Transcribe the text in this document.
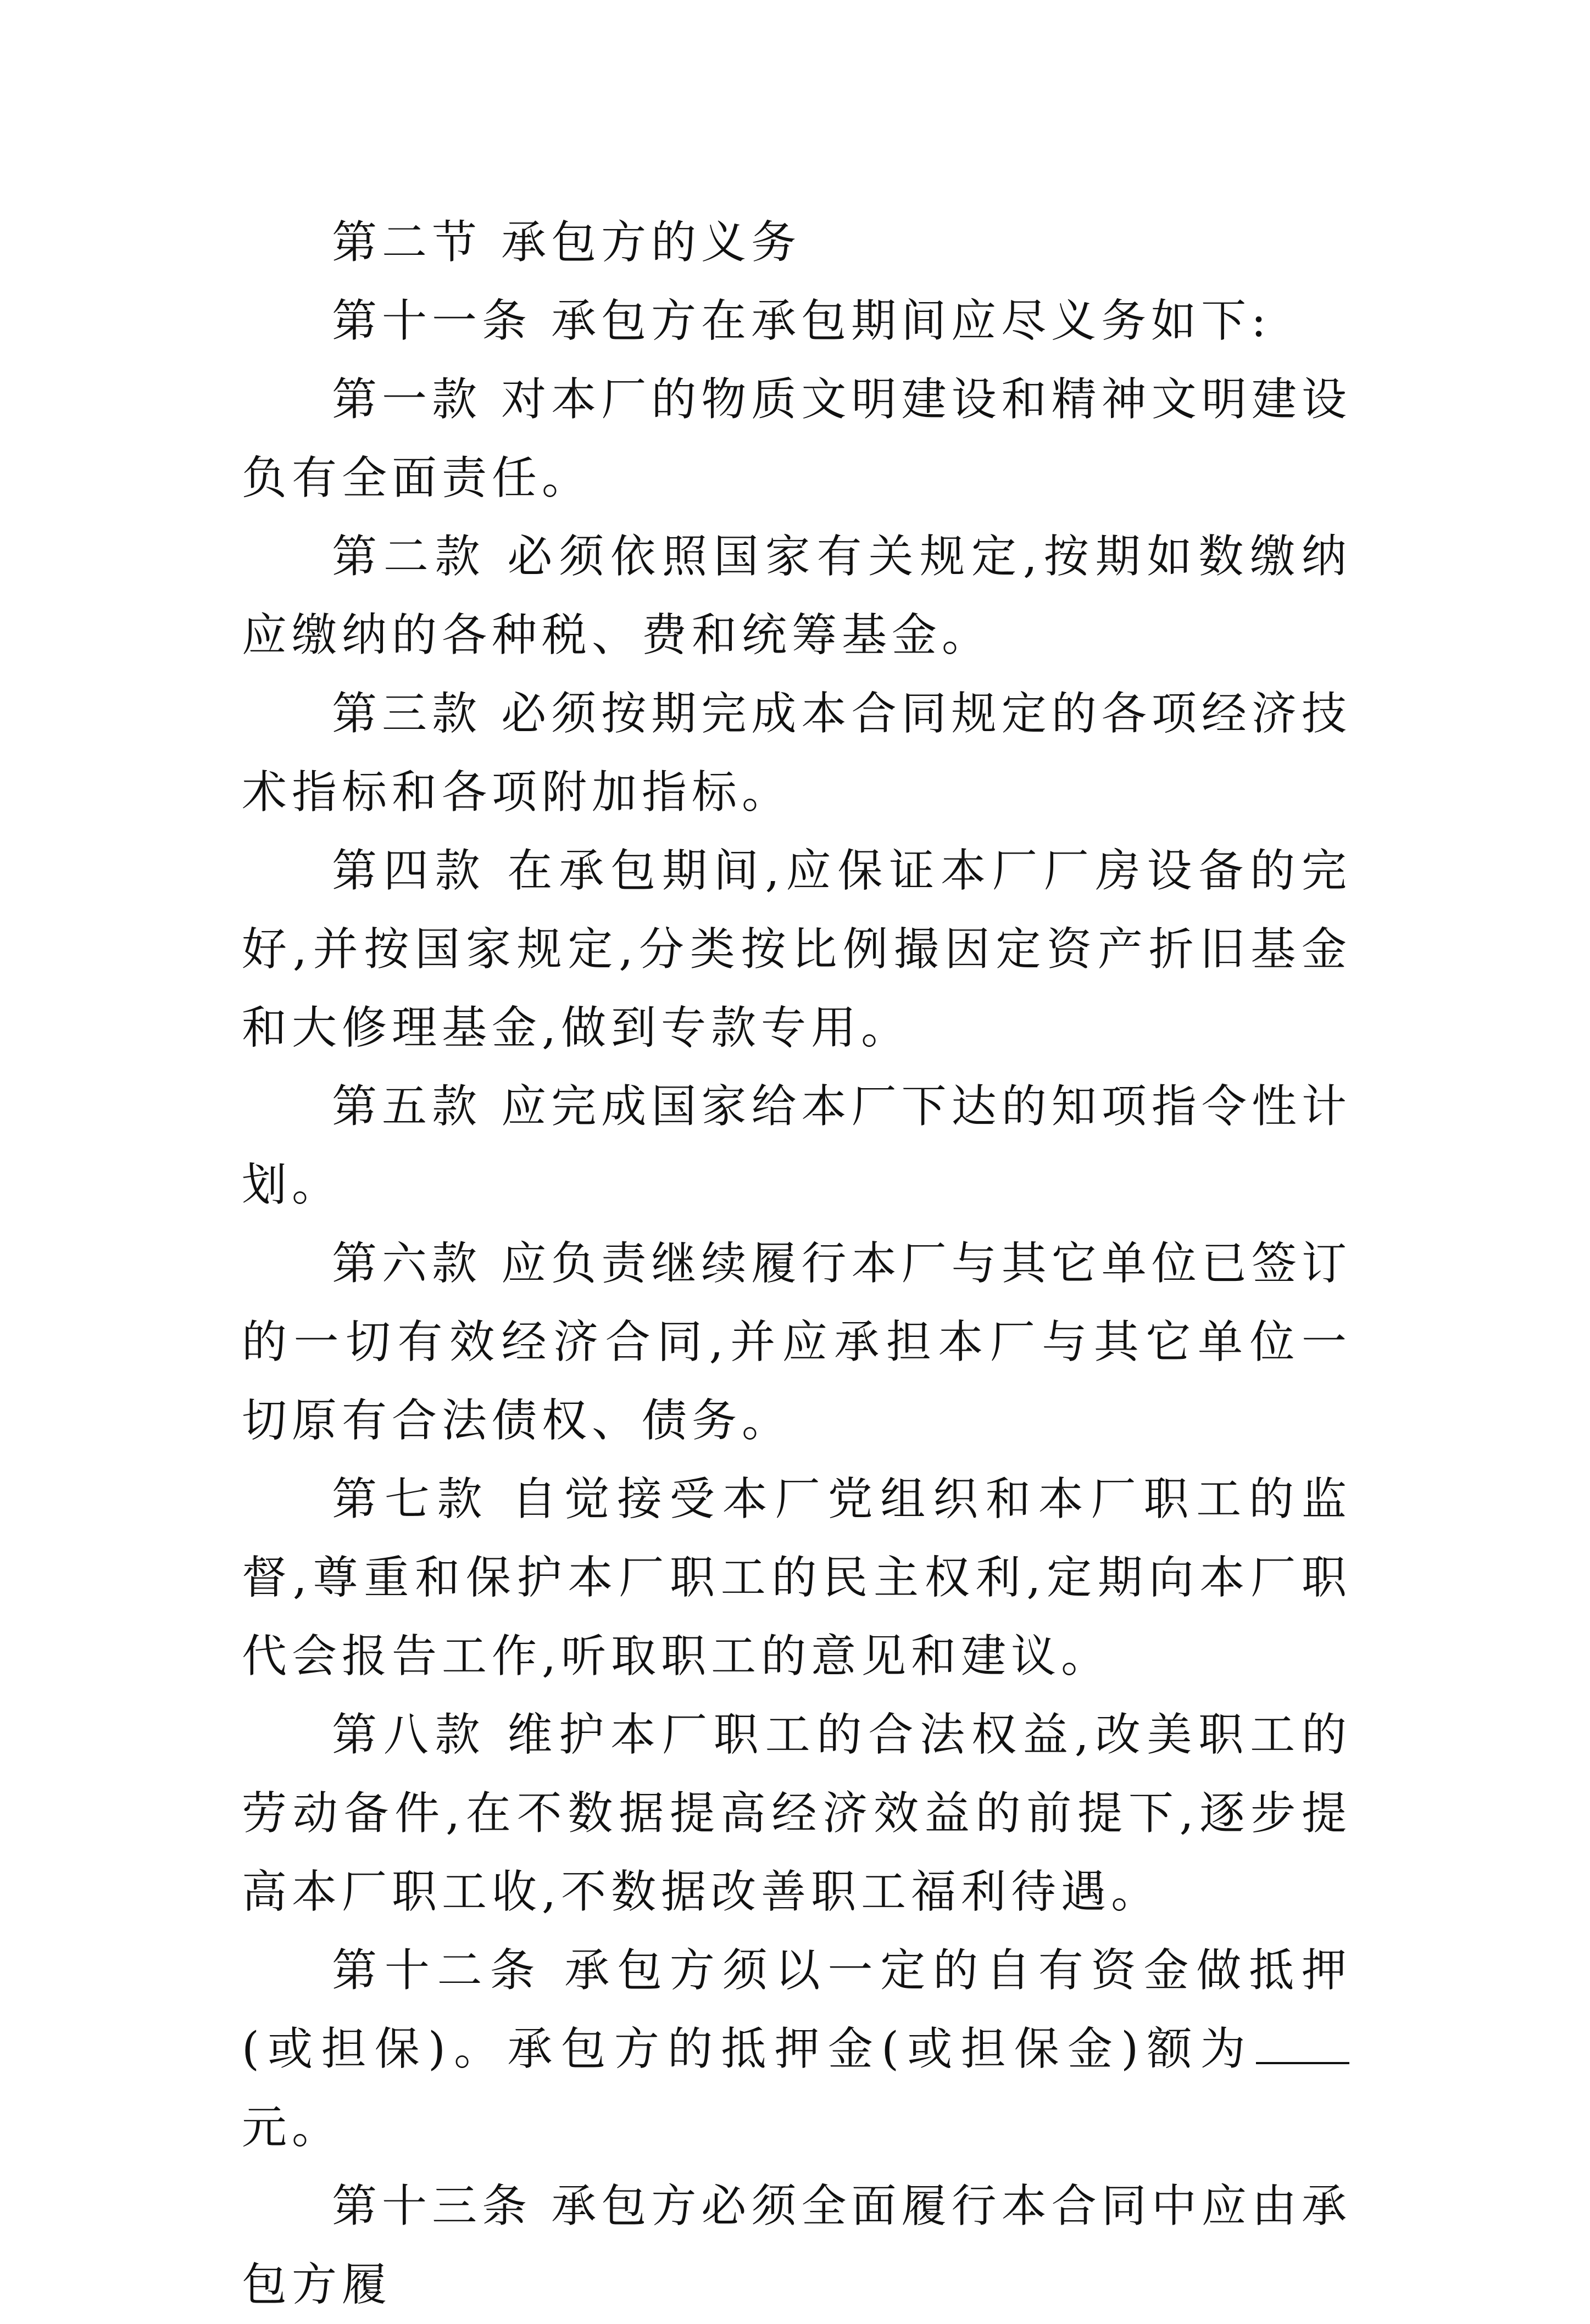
第二节 承包方的义务

第十一条 承包方在承包期间应尽义务如下:

第一款 对本厂的物质文明建设和精神文明建设负有全面责任。

第二款 必须依照国家有关规定,按期如数缴纳应缴纳的各种税、费和统筹基金。

第三款 必须按期完成本合同规定的各项经济技术指标和各项附加指标。

第四款 在承包期间,应保证本厂厂房设备的完好,并按国家规定,分类按比例撮因定资产折旧基金和大修理基金,做到专款专用。

第五款 应完成国家给本厂下达的知项指令性计划。

第六款 应负责继续履行本厂与其它单位已签订的一切有效经济合同,并应承担本厂与其它单位一切原有合法债权、债务。

第七款 自觉接受本厂党组织和本厂职工的监督,尊重和保护本厂职工的民主权利,定期向本厂职代会报告工作,听取职工的意见和建议。

第八款 维护本厂职工的合法权益,改美职工的劳动备件,在不数据提高经济效益的前提下,逐步提高本厂职工收,不数据改善职工福利待遇。

第十二条 承包方须以一定的自有资金做抵押(或担保)。承包方的抵押金(或担保金)额为元。

第十三条 承包方必须全面履行本合同中应由承包方履
